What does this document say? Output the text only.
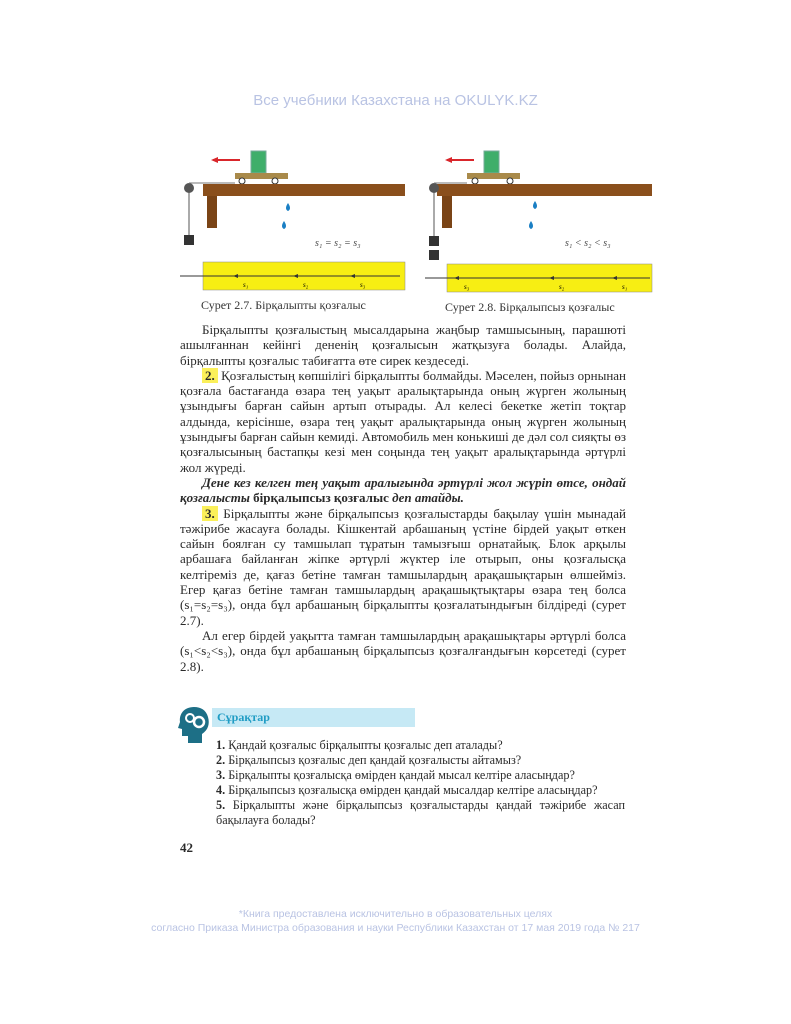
Все учебники Казахстана на OKULYK.KZ
s₁ = s₂ = s₃
s₁	s₂	s₃
Сурет 2.7. Бірқалыпты қозғалыс
s₁ < s₂ < s₃
s₃	s₂	s₁
Сурет 2.8. Бірқалыпсыз қозғалыс

Бірқалыпты қозғалыстың мысалдарына жаңбыр тамшысының, парашюті ашылғаннан кейінгі дененің қозғалысын жатқызуға болады. Алайда, бірқалыпты қозғалыс табиғатта өте сирек кездеседі.

2. Қозғалыстың көпшілігі бірқалыпты болмайды. Мәселен, пойыз орнынан қозғала бастағанда өзара тең уақыт аралықтарында оның жүрген жолының ұзындығы барған сайын артып отырады. Ал келесі бекетке жетіп тоқтар алдында, керісінше, өзара тең уақыт аралықтарында оның жүрген жолының ұзындығы барған сайын кемиді. Автомобиль мен конькиші де дәл сол сияқты өз қозғалысының бастапқы кезі мен соңында тең уақыт аралықтарында әртүрлі жол жүреді.

Дене кез келген тең уақыт аралығында әртүрлі жол жүріп өтсе, ондай қозғалысты бірқалыпсыз қозғалыс деп атайды.

3. Бірқалыпты және бірқалыпсыз қозғалыстарды бақылау үшін мынадай тәжірибе жасауға болады. Кішкентай арбашаның үстіне бірдей уақыт өткен сайын боялған су тамшылап тұратын тамызғыш орнатайық. Блок арқылы арбашаға байланған жіпке әртүрлі жүктер іле отырып, оны қозғалысқа келтіреміз де, қағаз бетіне тамған тамшылардың арақашықтарын өлшейміз. Егер қағаз бетіне тамған тамшылардың арақашықтықтары өзара тең болса (s₁=s₂=s₃), онда бұл арбашаның бірқалыпты қозғалатындығын білдіреді (сурет 2.7).

Ал егер бірдей уақытта тамған тамшылардың арақашықтары әртүрлі болса (s₁<s₂<s₃), онда бұл арбашаның бірқалыпсыз қозғалғандығын көрсетеді (сурет 2.8).

Сұрақтар
1. Қандай қозғалыс бірқалыпты қозғалыс деп аталады?
2. Бірқалыпсыз қозғалыс деп қандай қозғалысты айтамыз?
3. Бірқалыпты қозғалысқа өмірден қандай мысал келтіре аласыңдар?
4. Бірқалыпсыз қозғалысқа өмірден қандай мысалдар келтіре аласыңдар?
5. Бірқалыпты және бірқалыпсыз қозғалыстарды қандай тәжірибе жасап бақылауға болады?
42
*Книга предоставлена исключительно в образовательных целях
согласно Приказа Министра образования и науки Республики Казахстан от 17 мая 2019 года № 217
